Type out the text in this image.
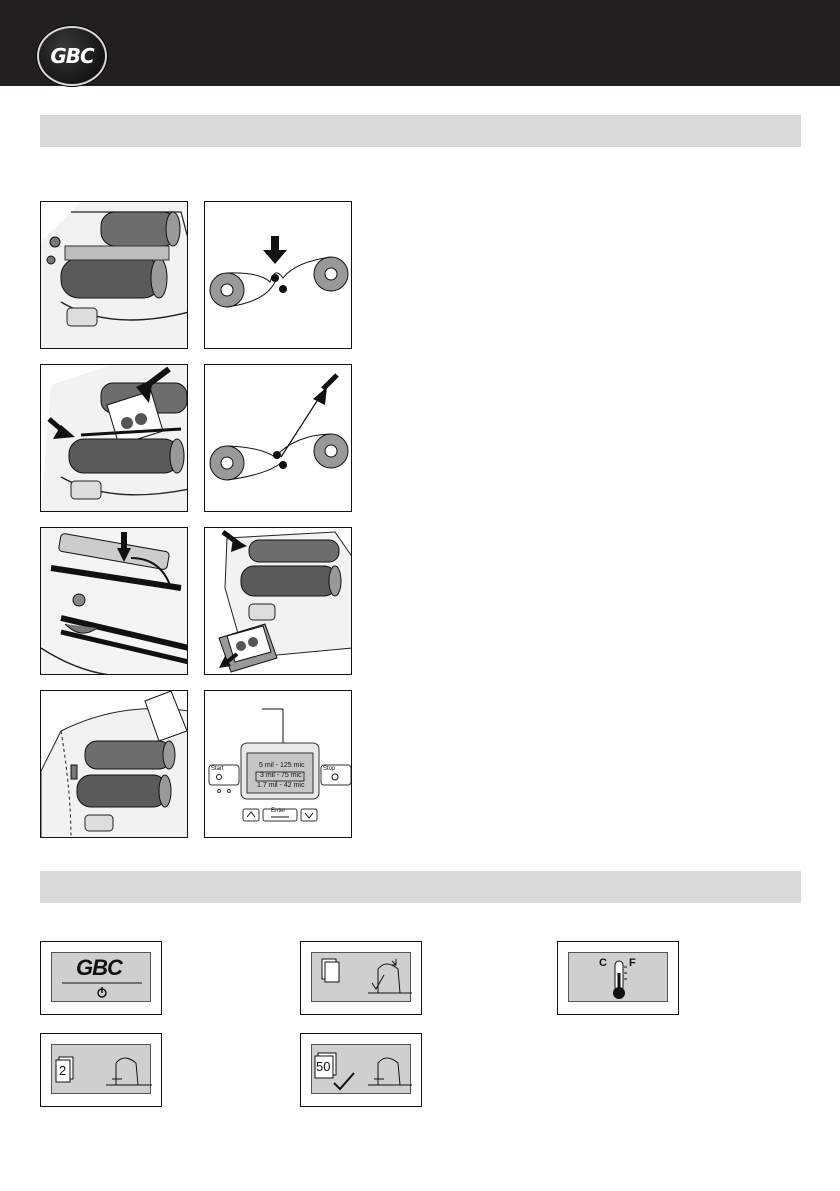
GBC
Start	Stop
Enter
5 mil - 125 mic
3 mil - 75 mic
1.7 mil - 42 mic
GBC	C F
2	50
